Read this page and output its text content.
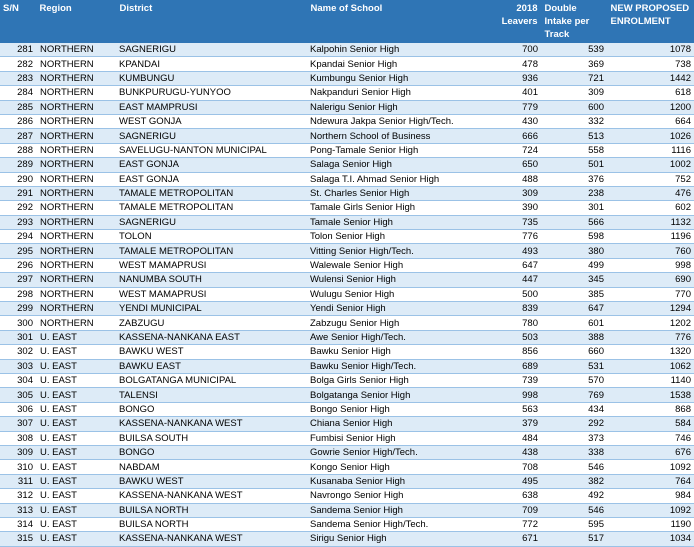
S/N	Region	District	Name of School	2018 Leavers	Double Intake per Track	NEW PROPOSED ENROLMENT
281	NORTHERN	SAGNERIGU	Kalpohin Senior High	700	539	1078
282	NORTHERN	KPANDAI	Kpandai Senior High	478	369	738
283	NORTHERN	KUMBUNGU	Kumbungu Senior High	936	721	1442
284	NORTHERN	BUNKPURUGU-YUNYOO	Nakpanduri Senior High	401	309	618
285	NORTHERN	EAST MAMPRUSI	Nalerigu Senior High	779	600	1200
286	NORTHERN	WEST GONJA	Ndewura Jakpa Senior High/Tech.	430	332	664
287	NORTHERN	SAGNERIGU	Northern School of Business	666	513	1026
288	NORTHERN	SAVELUGU-NANTON MUNICIPAL	Pong-Tamale Senior High	724	558	1116
289	NORTHERN	EAST GONJA	Salaga Senior High	650	501	1002
290	NORTHERN	EAST GONJA	Salaga T.I. Ahmad Senior High	488	376	752
291	NORTHERN	TAMALE METROPOLITAN	St. Charles Senior High	309	238	476
292	NORTHERN	TAMALE METROPOLITAN	Tamale Girls Senior High	390	301	602
293	NORTHERN	SAGNERIGU	Tamale Senior High	735	566	1132
294	NORTHERN	TOLON	Tolon Senior High	776	598	1196
295	NORTHERN	TAMALE METROPOLITAN	Vitting Senior High/Tech.	493	380	760
296	NORTHERN	WEST MAMAPRUSI	Walewale Senior High	647	499	998
297	NORTHERN	NANUMBA SOUTH	Wulensi Senior High	447	345	690
298	NORTHERN	WEST MAMAPRUSI	Wulugu Senior High	500	385	770
299	NORTHERN	YENDI MUNICIPAL	Yendi Senior High	839	647	1294
300	NORTHERN	ZABZUGU	Zabzugu Senior High	780	601	1202
301	U. EAST	KASSENA-NANKANA EAST	Awe Senior High/Tech.	503	388	776
302	U. EAST	BAWKU WEST	Bawku Senior High	856	660	1320
303	U. EAST	BAWKU EAST	Bawku Senior High/Tech.	689	531	1062
304	U. EAST	BOLGATANGA MUNICIPAL	Bolga Girls Senior High	739	570	1140
305	U. EAST	TALENSI	Bolgatanga Senior High	998	769	1538
306	U. EAST	BONGO	Bongo Senior High	563	434	868
307	U. EAST	KASSENA-NANKANA WEST	Chiana Senior High	379	292	584
308	U. EAST	BUILSA SOUTH	Fumbisi Senior High	484	373	746
309	U. EAST	BONGO	Gowrie Senior High/Tech.	438	338	676
310	U. EAST	NABDAM	Kongo Senior High	708	546	1092
311	U. EAST	BAWKU WEST	Kusanaba Senior High	495	382	764
312	U. EAST	KASSENA-NANKANA WEST	Navrongo Senior High	638	492	984
313	U. EAST	BUILSA NORTH	Sandema Senior High	709	546	1092
314	U. EAST	BUILSA NORTH	Sandema Senior High/Tech.	772	595	1190
315	U. EAST	KASSENA-NANKANA WEST	Sirigu Senior High	671	517	1034
